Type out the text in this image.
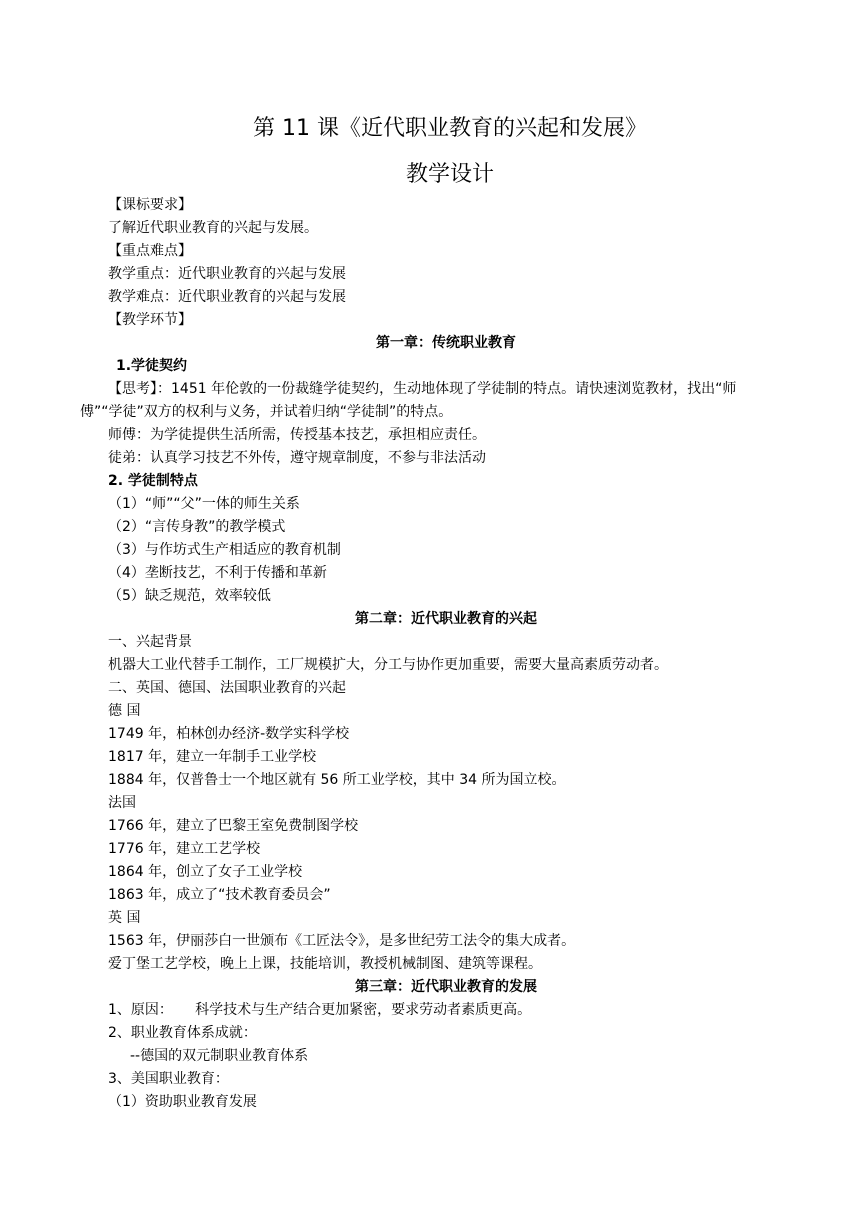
第 11 课《近代职业教育的兴起和发展》
教学设计
【课标要求】
了解近代职业教育的兴起与发展。
【重点难点】
教学重点：近代职业教育的兴起与发展
教学难点：近代职业教育的兴起与发展
【教学环节】
第一章：传统职业教育
1.学徒契约
【思考】：1451 年伦敦的一份裁缝学徒契约，生动地体现了学徒制的特点。请快速浏览教材，找出“师
傅”“学徒”双方的权利与义务，并试着归纳“学徒制”的特点。
师傅：为学徒提供生活所需，传授基本技艺，承担相应责任。
徒弟：认真学习技艺不外传，遵守规章制度，不参与非法活动
2. 学徒制特点
（1）“师”“父”一体的师生关系
（2）“言传身教”的教学模式
（3）与作坊式生产相适应的教育机制
（4）垄断技艺，不利于传播和革新
（5）缺乏规范，效率较低
第二章：近代职业教育的兴起
一、兴起背景
机器大工业代替手工制作，工厂规模扩大，分工与协作更加重要，需要大量高素质劳动者。
二、英国、德国、法国职业教育的兴起
德 国
1749 年，柏林创办经济-数学实科学校
1817 年，建立一年制手工业学校
1884 年，仅普鲁士一个地区就有 56 所工业学校，其中 34 所为国立校。
法国
1766 年，建立了巴黎王室免费制图学校
1776 年，建立工艺学校
1864 年，创立了女子工业学校
1863 年，成立了“技术教育委员会”
英 国
1563 年，伊丽莎白一世颁布《工匠法令》，是多世纪劳工法令的集大成者。
爱丁堡工艺学校，晚上上课，技能培训，教授机械制图、建筑等课程。
第三章：近代职业教育的发展
1、原因：     科学技术与生产结合更加紧密，要求劳动者素质更高。
2、职业教育体系成就：
--德国的双元制职业教育体系
3、美国职业教育：
（1）资助职业教育发展
